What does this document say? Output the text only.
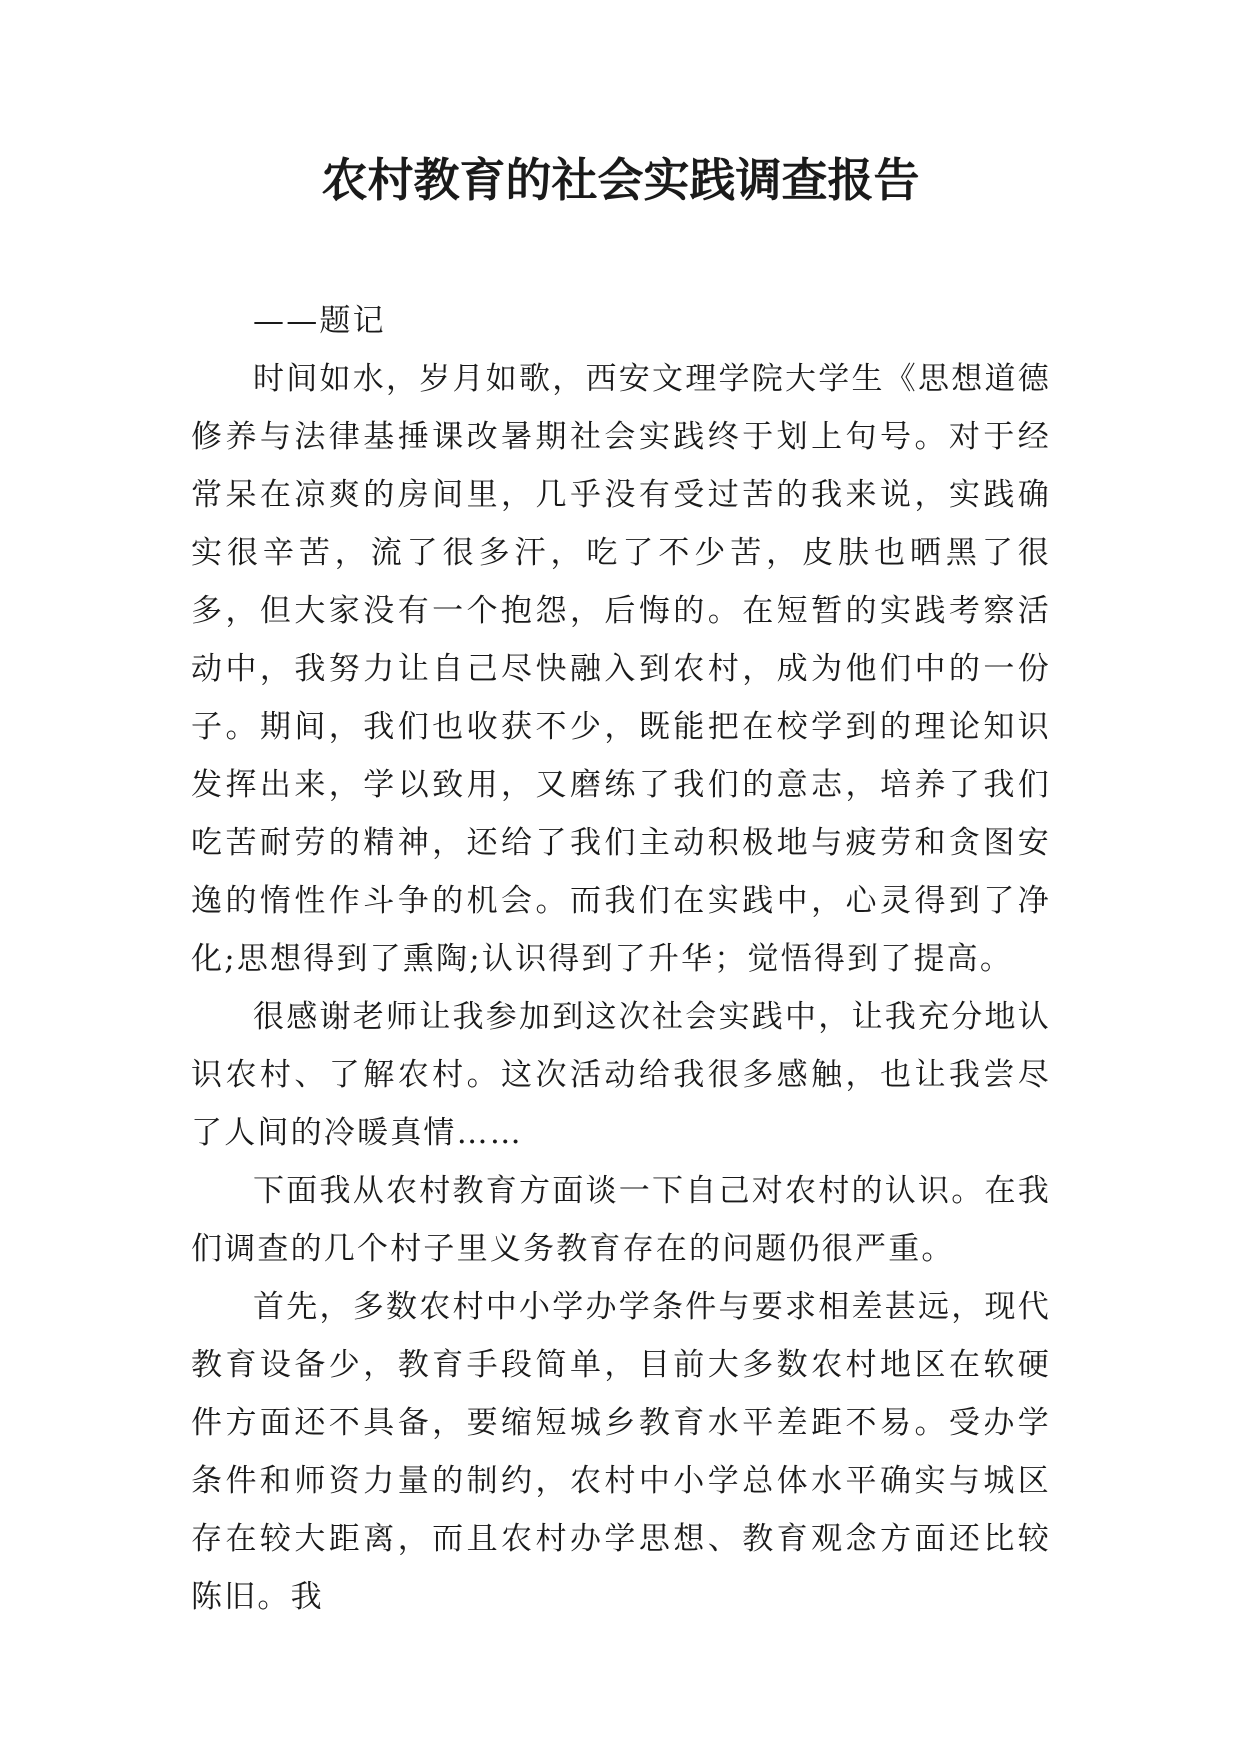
农村教育的社会实践调查报告

——题记

时间如水，岁月如歌，西安文理学院大学生《思想道德修养与法律基捶课改暑期社会实践终于划上句号。对于经常呆在凉爽的房间里，几乎没有受过苦的我来说，实践确实很辛苦，流了很多汗，吃了不少苦，皮肤也晒黑了很多，但大家没有一个抱怨，后悔的。在短暂的实践考察活动中，我努力让自己尽快融入到农村，成为他们中的一份子。期间，我们也收获不少，既能把在校学到的理论知识发挥出来，学以致用，又磨练了我们的意志，培养了我们吃苦耐劳的精神，还给了我们主动积极地与疲劳和贪图安逸的惰性作斗争的机会。而我们在实践中，心灵得到了净化;思想得到了熏陶;认识得到了升华；觉悟得到了提高。

很感谢老师让我参加到这次社会实践中，让我充分地认识农村、了解农村。这次活动给我很多感触，也让我尝尽了人间的冷暖真情……

下面我从农村教育方面谈一下自己对农村的认识。在我们调查的几个村子里义务教育存在的问题仍很严重。

首先，多数农村中小学办学条件与要求相差甚远，现代教育设备少，教育手段简单，目前大多数农村地区在软硬件方面还不具备，要缩短城乡教育水平差距不易。受办学条件和师资力量的制约，农村中小学总体水平确实与城区存在较大距离，而且农村办学思想、教育观念方面还比较陈旧。我
